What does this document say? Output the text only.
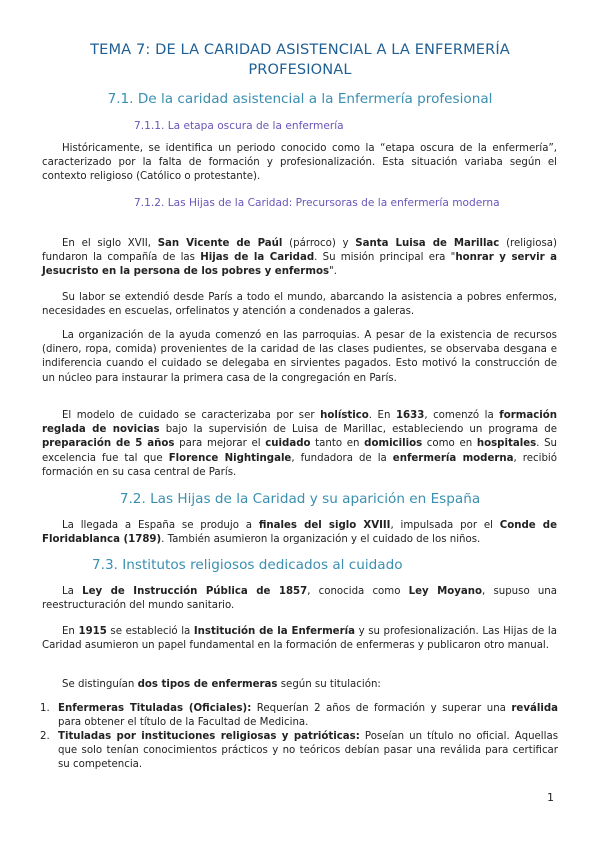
TEMA 7: DE LA CARIDAD ASISTENCIAL A LA ENFERMERÍA PROFESIONAL
7.1. De la caridad asistencial a la Enfermería profesional
7.1.1. La etapa oscura de la enfermería

Históricamente, se identifica un periodo conocido como la “etapa oscura de la enfermería”, caracterizado por la falta de formación y profesionalización. Esta situación variaba según el contexto religioso (Católico o protestante).

7.1.2. Las Hijas de la Caridad: Precursoras de la enfermería moderna

En el siglo XVII, San Vicente de Paúl (párroco) y Santa Luisa de Marillac (religiosa) fundaron la compañía de las Hijas de la Caridad. Su misión principal era "honrar y servir a Jesucristo en la persona de los pobres y enfermos".

Su labor se extendió desde París a todo el mundo, abarcando la asistencia a pobres enfermos, necesidades en escuelas, orfelinatos y atención a condenados a galeras.

La organización de la ayuda comenzó en las parroquias. A pesar de la existencia de recursos (dinero, ropa, comida) provenientes de la caridad de las clases pudientes, se observaba desgana e indiferencia cuando el cuidado se delegaba en sirvientes pagados. Esto motivó la construcción de un núcleo para instaurar la primera casa de la congregación en París.

El modelo de cuidado se caracterizaba por ser holístico. En 1633, comenzó la formación reglada de novicias bajo la supervisión de Luisa de Marillac, estableciendo un programa de preparación de 5 años para mejorar el cuidado tanto en domicilios como en hospitales. Su excelencia fue tal que Florence Nightingale, fundadora de la enfermería moderna, recibió formación en su casa central de París.

7.2. Las Hijas de la Caridad y su aparición en España

La llegada a España se produjo a finales del siglo XVIII, impulsada por el Conde de Floridablanca (1789). También asumieron la organización y el cuidado de los niños.

7.3. Institutos religiosos dedicados al cuidado

La Ley de Instrucción Pública de 1857, conocida como Ley Moyano, supuso una reestructuración del mundo sanitario.

En 1915 se estableció la Institución de la Enfermería y su profesionalización. Las Hijas de la Caridad asumieron un papel fundamental en la formación de enfermeras y publicaron otro manual.

Se distinguían dos tipos de enfermeras según su titulación:

1. Enfermeras Tituladas (Oficiales): Requerían 2 años de formación y superar una reválida para obtener el título de la Facultad de Medicina.
2. Tituladas por instituciones religiosas y patrióticas: Poseían un título no oficial. Aquellas que solo tenían conocimientos prácticos y no teóricos debían pasar una reválida para certificar su competencia.
1
